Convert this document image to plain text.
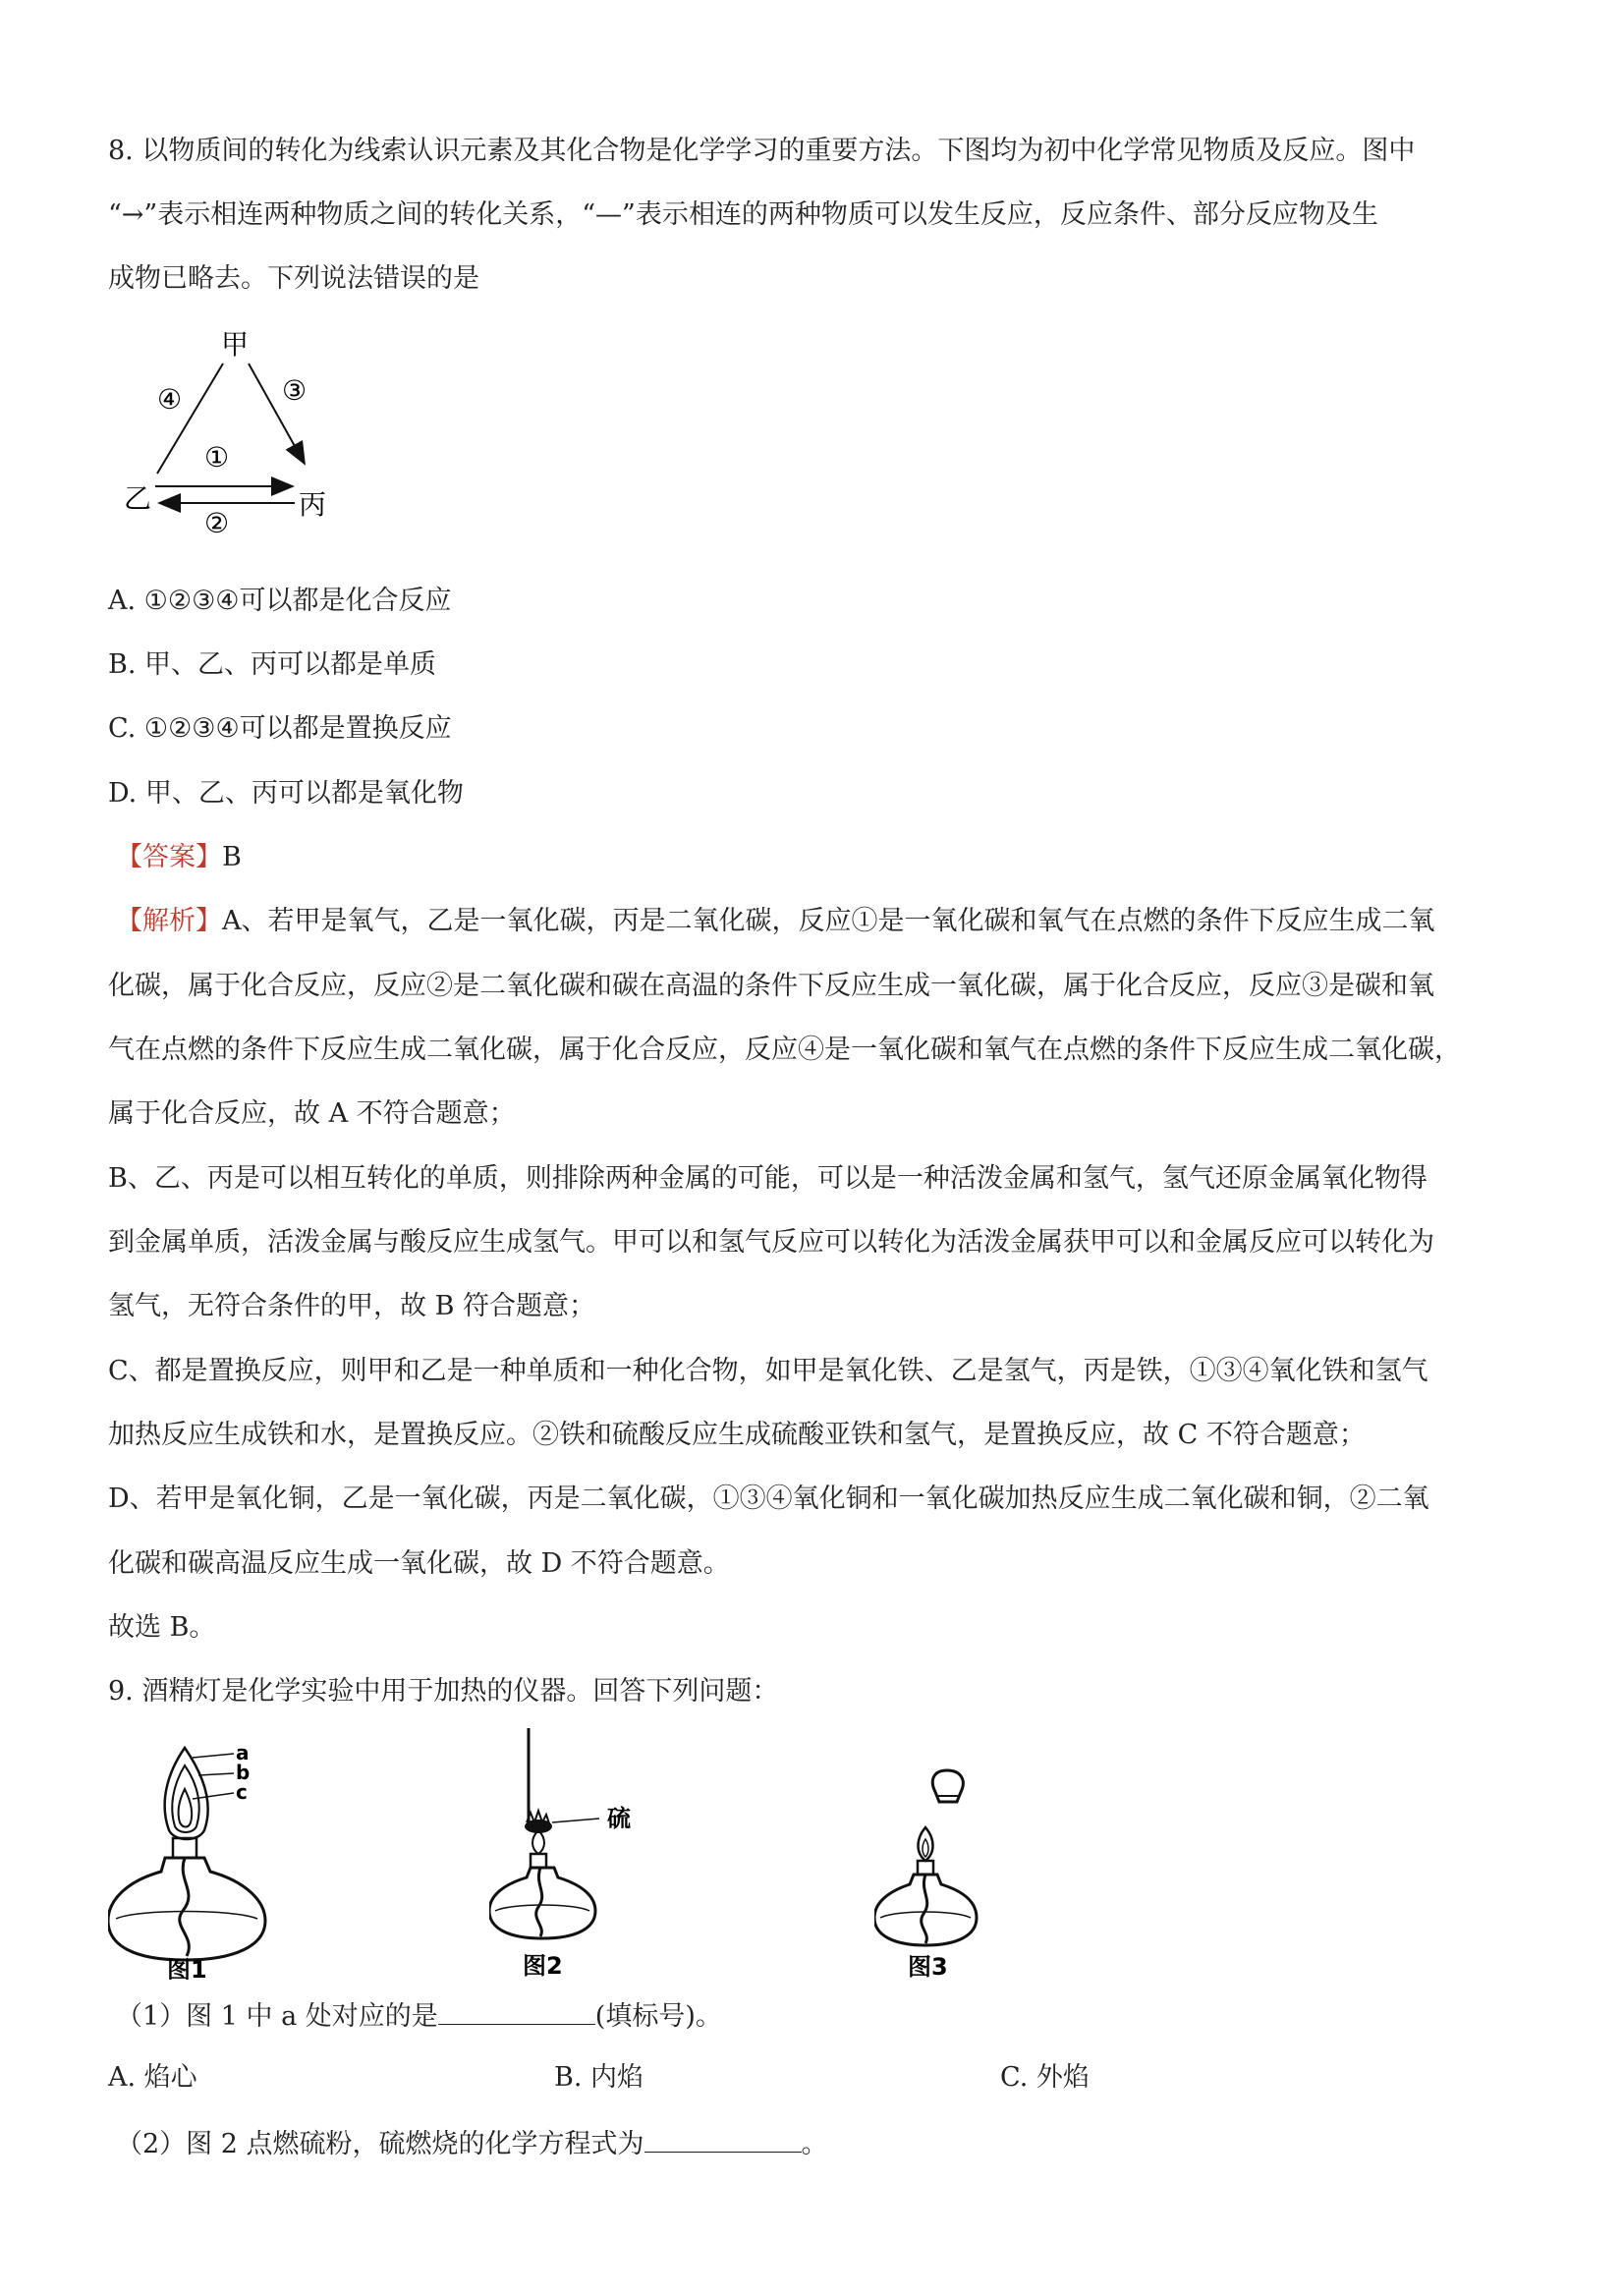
8. 以物质间的转化为线索认识元素及其化合物是化学学习的重要方法。下图均为初中化学常见物质及反应。图中
“→”表示相连两种物质之间的转化关系，“—”表示相连的两种物质可以发生反应，反应条件、部分反应物及生
成物已略去。下列说法错误的是
甲
乙	丙
④	③
①
②
A. ①②③④可以都是化合反应
B. 甲、乙、丙可以都是单质
C. ①②③④可以都是置换反应
D. 甲、乙、丙可以都是氧化物
【答案】B
【解析】A、若甲是氧气，乙是一氧化碳，丙是二氧化碳，反应①是一氧化碳和氧气在点燃的条件下反应生成二氧
化碳，属于化合反应，反应②是二氧化碳和碳在高温的条件下反应生成一氧化碳，属于化合反应，反应③是碳和氧
气在点燃的条件下反应生成二氧化碳，属于化合反应，反应④是一氧化碳和氧气在点燃的条件下反应生成二氧化碳，
属于化合反应，故 A 不符合题意；
B、乙、丙是可以相互转化的单质，则排除两种金属的可能，可以是一种活泼金属和氢气，氢气还原金属氧化物得
到金属单质，活泼金属与酸反应生成氢气。甲可以和氢气反应可以转化为活泼金属获甲可以和金属反应可以转化为
氢气，无符合条件的甲，故 B 符合题意；
C、都是置换反应，则甲和乙是一种单质和一种化合物，如甲是氧化铁、乙是氢气，丙是铁，①③④氧化铁和氢气
加热反应生成铁和水，是置换反应。②铁和硫酸反应生成硫酸亚铁和氢气，是置换反应，故 C 不符合题意；
D、若甲是氧化铜，乙是一氧化碳，丙是二氧化碳，①③④氧化铜和一氧化碳加热反应生成二氧化碳和铜，②二氧
化碳和碳高温反应生成一氧化碳，故 D 不符合题意。
故选 B。
9. 酒精灯是化学实验中用于加热的仪器。回答下列问题：
a
b
c
图1
硫
图2	图3
（1）图 1 中 a 处对应的是	(填标号)。
A. 焰心	B. 内焰	C. 外焰
（2）图 2 点燃硫粉，硫燃烧的化学方程式为	。
